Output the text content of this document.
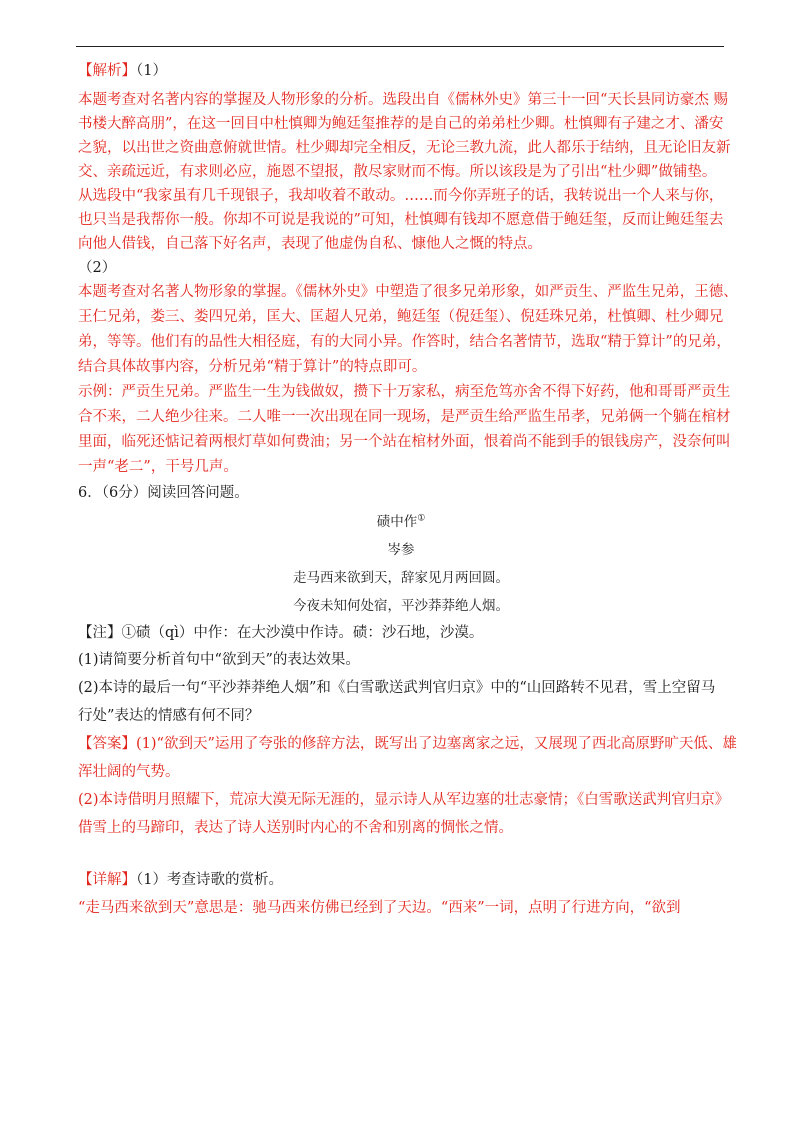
【解析】（1）
本题考查对名著内容的掌握及人物形象的分析。选段出自《儒林外史》第三十一回“天长县同访豪杰 赐
书楼大醉高朋”，在这一回目中杜慎卿为鲍廷玺推荐的是自己的弟弟杜少卿。杜慎卿有子建之才、潘安
之貌，以出世之资曲意俯就世情。杜少卿却完全相反，无论三教九流，此人都乐于结纳，且无论旧友新
交、亲疏远近，有求则必应，施恩不望报，散尽家财而不悔。所以该段是为了引出“杜少卿”做铺垫。
从选段中“我家虽有几千现银子，我却收着不敢动。……而今你弄班子的话，我转说出一个人来与你，
也只当是我帮你一般。你却不可说是我说的”可知，杜慎卿有钱却不愿意借于鲍廷玺，反而让鲍廷玺去
向他人借钱，自己落下好名声，表现了他虚伪自私、慷他人之慨的特点。
（2）
本题考查对名著人物形象的掌握。《儒林外史》中塑造了很多兄弟形象，如严贡生、严监生兄弟，王德、
王仁兄弟，娄三、娄四兄弟，匡大、匡超人兄弟，鲍廷玺（倪廷玺）、倪廷珠兄弟，杜慎卿、杜少卿兄
弟，等等。他们有的品性大相径庭，有的大同小异。作答时，结合名著情节，选取“精于算计”的兄弟，
结合具体故事内容，分析兄弟“精于算计”的特点即可。
示例：严贡生兄弟。严监生一生为钱做奴，攒下十万家私，病至危笃亦舍不得下好药，他和哥哥严贡生
合不来，二人绝少往来。二人唯一一次出现在同一现场，是严贡生给严监生吊孝，兄弟俩一个躺在棺材
里面，临死还惦记着两根灯草如何费油；另一个站在棺材外面，恨着尚不能到手的银钱房产，没奈何叫
一声“老二”，干号几声。
6．（6分）阅读回答问题。
碛中作①
岑参
走马西来欲到天，辞家见月两回圆。
今夜未知何处宿，平沙莽莽绝人烟。
【注】①碛（qì）中作：在大沙漠中作诗。碛：沙石地，沙漠。
(1)请简要分析首句中“欲到天”的表达效果。
(2)本诗的最后一句“平沙莽莽绝人烟”和《白雪歌送武判官归京》中的“山回路转不见君，雪上空留马
行处”表达的情感有何不同？
【答案】(1)“欲到天”运用了夸张的修辞方法，既写出了边塞离家之远，又展现了西北高原野旷天低、雄
浑壮阔的气势。
(2)本诗借明月照耀下，荒凉大漠无际无涯的，显示诗人从军边塞的壮志豪情；《白雪歌送武判官归京》
借雪上的马蹄印，表达了诗人送别时内心的不舍和别离的惆怅之情。
【详解】（1）考查诗歌的赏析。
“走马西来欲到天”意思是：驰马西来仿佛已经到了天边。“西来”一词，点明了行进方向，“欲到
